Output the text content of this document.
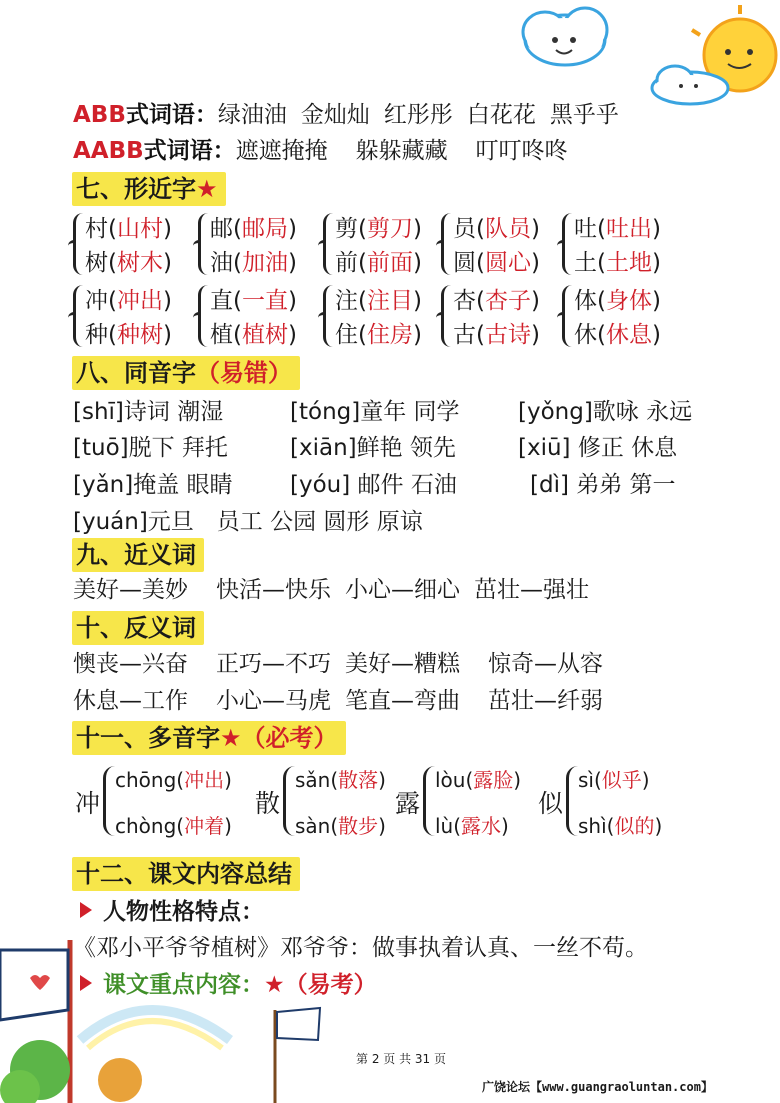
ABB式词语：绿油油 金灿灿 红彤彤 白花花 黑乎乎
AABB式词语：遮遮掩掩 躲躲藏藏 叮叮咚咚
七、形近字★
村(山村)
树(树木)
邮(邮局)
油(加油)
剪(剪刀)
前(前面)
员(队员)
圆(圆心)
吐(吐出)
土(土地)
冲(冲出)
种(种树)
直(一直)
植(植树)
注(注目)
住(住房)
杏(杏子)
古(古诗)
体(身体)
休(休息)
八、同音字（易错）
[shī]诗词 潮湿	[tóng]童年 同学	[yǒng]歌咏 永远
[tuō]脱下 拜托	[xiān]鲜艳 领先	[xiū] 修正 休息
[yǎn]掩盖 眼睛 [yóu] 邮件 石油	[dì] 弟弟 第一
[yuán]元旦　员工 公园 圆形 原谅
九、近义词
美好—美妙 快活—快乐 小心—细心 茁壮—强壮
十、反义词
懊丧—兴奋 正巧—不巧 美好—糟糕 惊奇—从容
休息—工作 小心—马虎 笔直—弯曲 茁壮—纤弱
十一、多音字★（必考）
冲
chōng(冲出)
chòng(冲着)
散
sǎn(散落)
sàn(散步)
露
lòu(露脸)
lù(露水)
似
sì(似乎)
shì(似的)
十二、课文内容总结
人物性格特点：
《邓小平爷爷植树》邓爷爷：做事执着认真、一丝不苟。
课文重点内容：★（易考）
第 2 页 共 31 页
广饶论坛【www.guangraoluntan.com】
